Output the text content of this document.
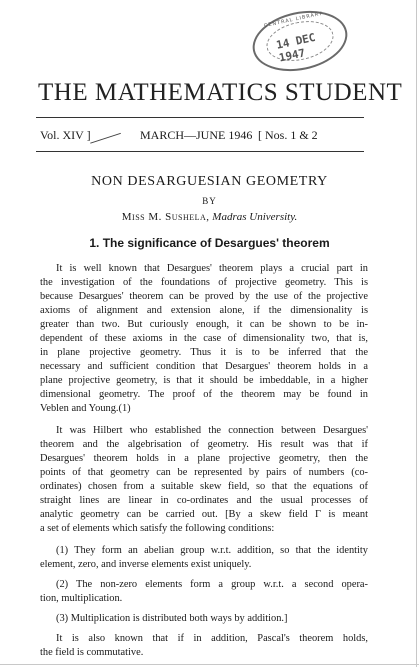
CENTRAL LIBRARY
14 DEC 1947
THE MATHEMATICS STUDENT
Vol. XIV ]	MARCH—JUNE 1946 [ Nos. 1 & 2
NON DESARGUESIAN GEOMETRY
BY
Miss M. Sushela, Madras University.
1. The significance of Desargues' theorem
It is well known that Desargues' theorem plays a crucial part in
the investigation of the foundations of projective geometry. This is
because Desargues' theorem can be proved by the use of the projective
axioms of alignment and extension alone, if the dimensionality is
greater than two. But curiously enough, it can be shown to be in-
dependent of these axioms in the case of dimensionality two, that is,
in plane projective geometry. Thus it is to be inferred that the
necessary and sufficient condition that Desargues' theorem holds in a
plane projective geometry, is that it should be imbeddable, in a higher
dimensional geometry. The proof of the theorem may be found in
Veblen and Young.(1)
It was Hilbert who established the connection between Desargues'
theorem and the algebrisation of geometry. His result was that if
Desargues' theorem holds in a plane projective geometry, then the
points of that geometry can be represented by pairs of numbers (co-
ordinates) chosen from a suitable skew field, so that the equations of
straight lines are linear in co-ordinates and the usual processes of
analytic geometry can be carried out. [By a skew field Γ is meant
a set of elements which satisfy the following conditions:
(1) They form an abelian group w.r.t. addition, so that the identity
element, zero, and inverse elements exist uniquely.
(2) The non-zero elements form a group w.r.t. a second opera-
tion, multiplication.
(3) Multiplication is distributed both ways by addition.]
It is also known that if in addition, Pascal's theorem holds,
the field is commutative.
